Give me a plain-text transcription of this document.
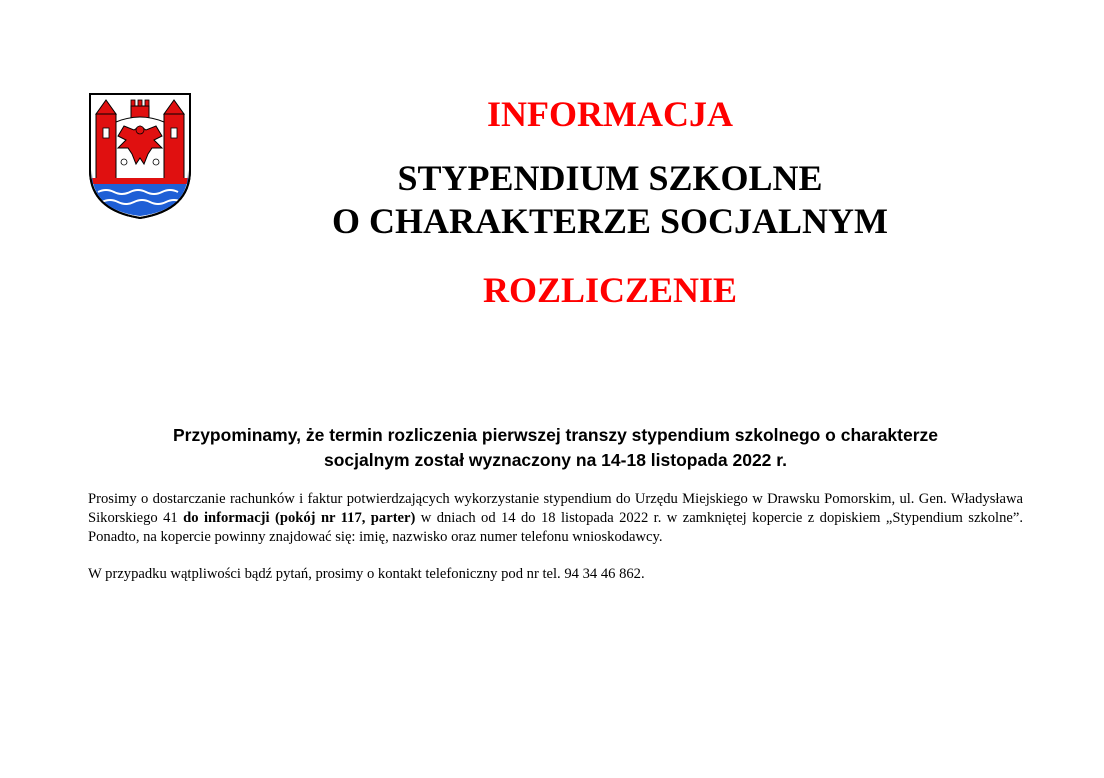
INFORMACJA
STYPENDIUM SZKOLNE
O CHARAKTERZE SOCJALNYM
ROZLICZENIE
Przypominamy, że termin rozliczenia pierwszej transzy stypendium szkolnego o charakterze
socjalnym został wyznaczony na 14-18 listopada 2022 r.
Prosimy o dostarczanie rachunków i faktur potwierdzających wykorzystanie stypendium do Urzędu Miejskiego w Drawsku Pomorskim, ul. Gen. Władysława Sikorskiego 41 do informacji (pokój nr 117, parter) w dniach od 14 do 18 listopada 2022 r. w zamkniętej kopercie z dopiskiem „Stypendium szkolne”. Ponadto, na kopercie powinny znajdować się: imię, nazwisko oraz numer telefonu wnioskodawcy.
W przypadku wątpliwości bądź pytań, prosimy o kontakt telefoniczny pod nr tel. 94 34 46 862.
